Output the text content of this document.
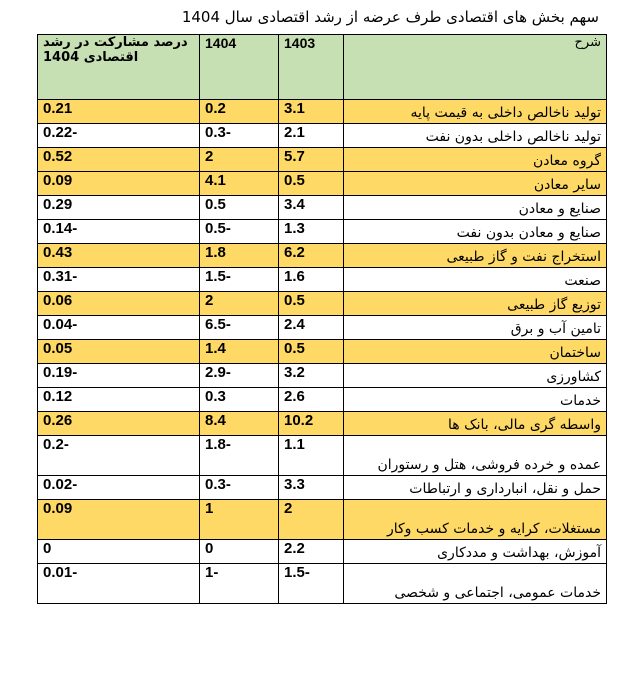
سهم بخش های اقتصادی طرف عرضه از رشد اقتصادی سال 1404
شرح	1403	1404	درصد مشارکت در رشد اقتصادی 1404
تولید ناخالص داخلی به قیمت پایه	3.1	0.2	0.21
تولید ناخالص داخلی بدون نفت	2.1	0.3-	0.22-
گروه معادن	5.7	2	0.52
سایر معادن	0.5	4.1	0.09
صنایع و معادن	3.4	0.5	0.29
صنایع و معادن بدون نفت	1.3	0.5-	0.14-
استخراج نفت و گاز طبیعی	6.2	1.8	0.43
صنعت	1.6	1.5-	0.31-
توزیع گاز طبیعی	0.5	2	0.06
تامین آب و برق	2.4	6.5-	0.04-
ساختمان	0.5	1.4	0.05
کشاورزی	3.2	2.9-	0.19-
خدمات	2.6	0.3	0.12
واسطه گری مالی، بانک ها	10.2	8.4	0.26
عمده و خرده فروشی، هتل و رستوران	1.1	1.8-	0.2-
حمل و نقل، انبارداری و ارتباطات	3.3	0.3-	0.02-
مستغلات، کرایه و خدمات کسب وکار	2	1	0.09
آموزش، بهداشت و مددکاری	2.2	0	0
خدمات عمومی، اجتماعی و شخصی	1.5-	1-	0.01-
